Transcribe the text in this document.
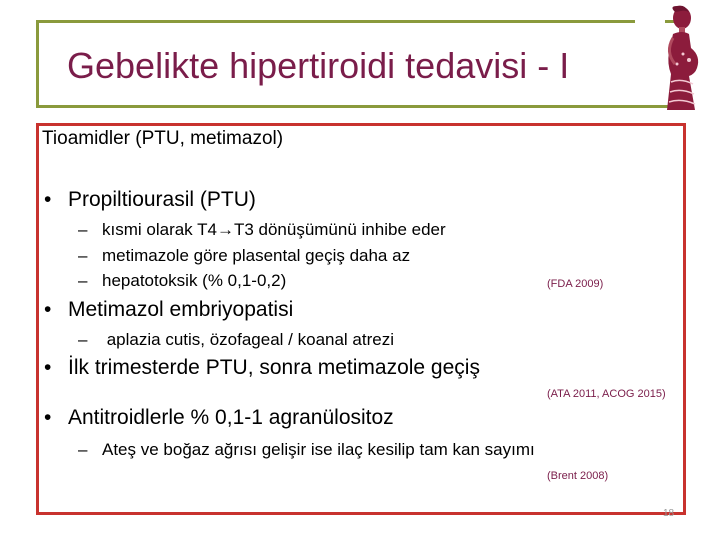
Gebelikte hipertiroidi tedavisi - I
Tioamidler (PTU, metimazol)
• Propiltiourasil (PTU)
– kısmi olarak T4→T3 dönüşümünü inhibe eder
– metimazole göre plasental geçiş daha az
– hepatotoksik (% 0,1-0,2)	(FDA 2009)
• Metimazol embriyopatisi
– aplazia cutis, özofageal / koanal atrezi
• İlk trimesterde PTU, sonra metimazole geçiş
(ATA 2011, ACOG 2015)
• Antitroidlerle % 0,1-1 agranülositoz
– Ateş ve boğaz ağrısı gelişir ise ilaç kesilip tam kan sayımı
(Brent 2008)
18
